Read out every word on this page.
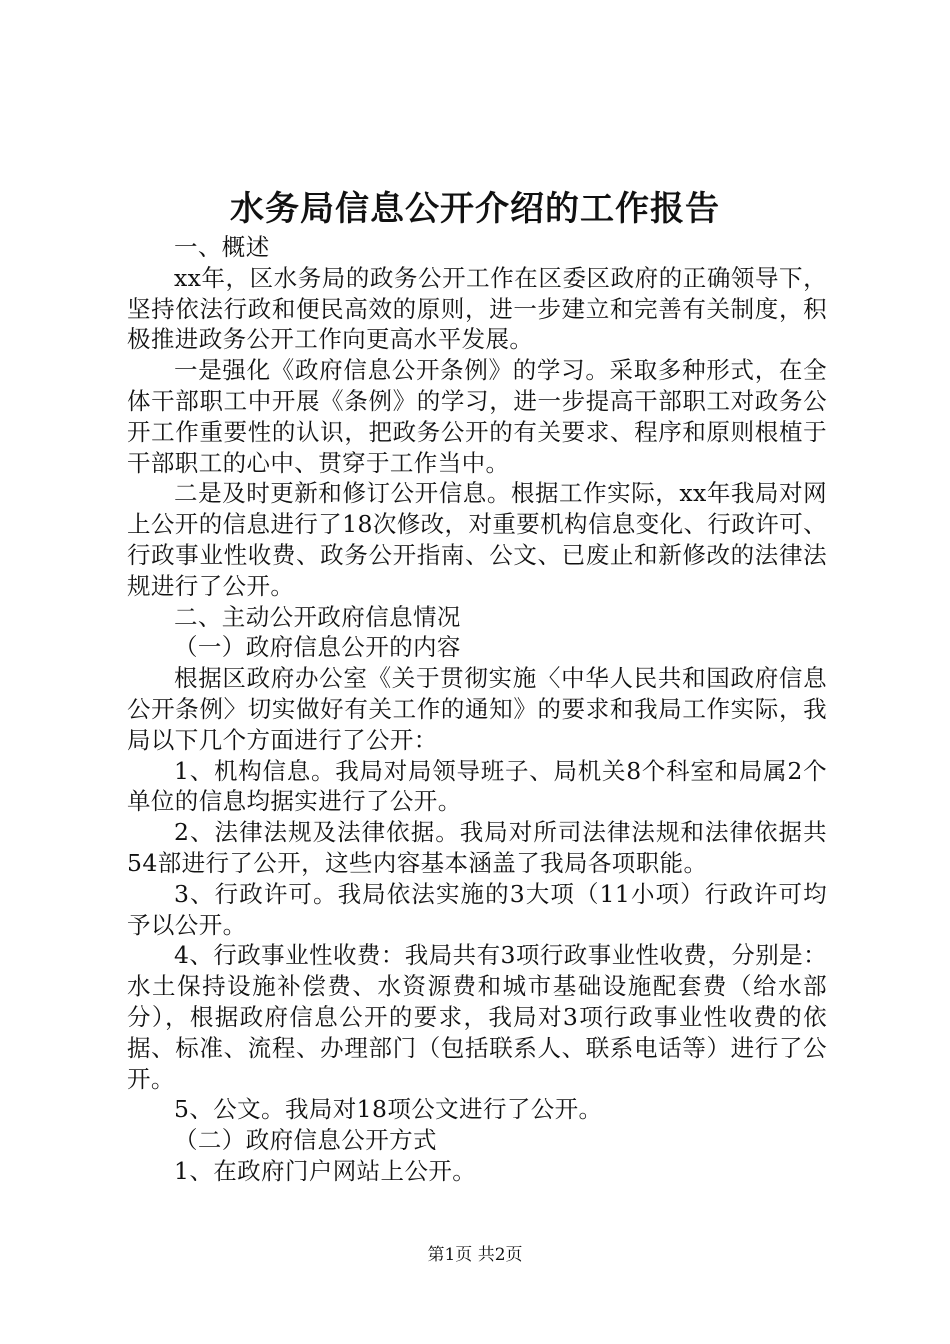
水务局信息公开介绍的工作报告

一、概述

xx年，区水务局的政务公开工作在区委区政府的正确领导下，坚持依法行政和便民高效的原则，进一步建立和完善有关制度，积极推进政务公开工作向更高水平发展。

一是强化《政府信息公开条例》的学习。采取多种形式，在全体干部职工中开展《条例》的学习，进一步提高干部职工对政务公开工作重要性的认识，把政务公开的有关要求、程序和原则根植于干部职工的心中、贯穿于工作当中。

二是及时更新和修订公开信息。根据工作实际，xx年我局对网上公开的信息进行了18次修改，对重要机构信息变化、行政许可、行政事业性收费、政务公开指南、公文、已废止和新修改的法律法规进行了公开。

二、主动公开政府信息情况

（一）政府信息公开的内容

根据区政府办公室《关于贯彻实施〈中华人民共和国政府信息公开条例〉切实做好有关工作的通知》的要求和我局工作实际，我局以下几个方面进行了公开：

1、机构信息。我局对局领导班子、局机关8个科室和局属2个单位的信息均据实进行了公开。

2、法律法规及法律依据。我局对所司法律法规和法律依据共54部进行了公开，这些内容基本涵盖了我局各项职能。

3、行政许可。我局依法实施的3大项（11小项）行政许可均予以公开。

4、行政事业性收费：我局共有3项行政事业性收费，分别是：水土保持设施补偿费、水资源费和城市基础设施配套费（给水部分），根据政府信息公开的要求，我局对3项行政事业性收费的依据、标准、流程、办理部门（包括联系人、联系电话等）进行了公开。

5、公文。我局对18项公文进行了公开。

（二）政府信息公开方式

1、在政府门户网站上公开。

第1页 共2页
